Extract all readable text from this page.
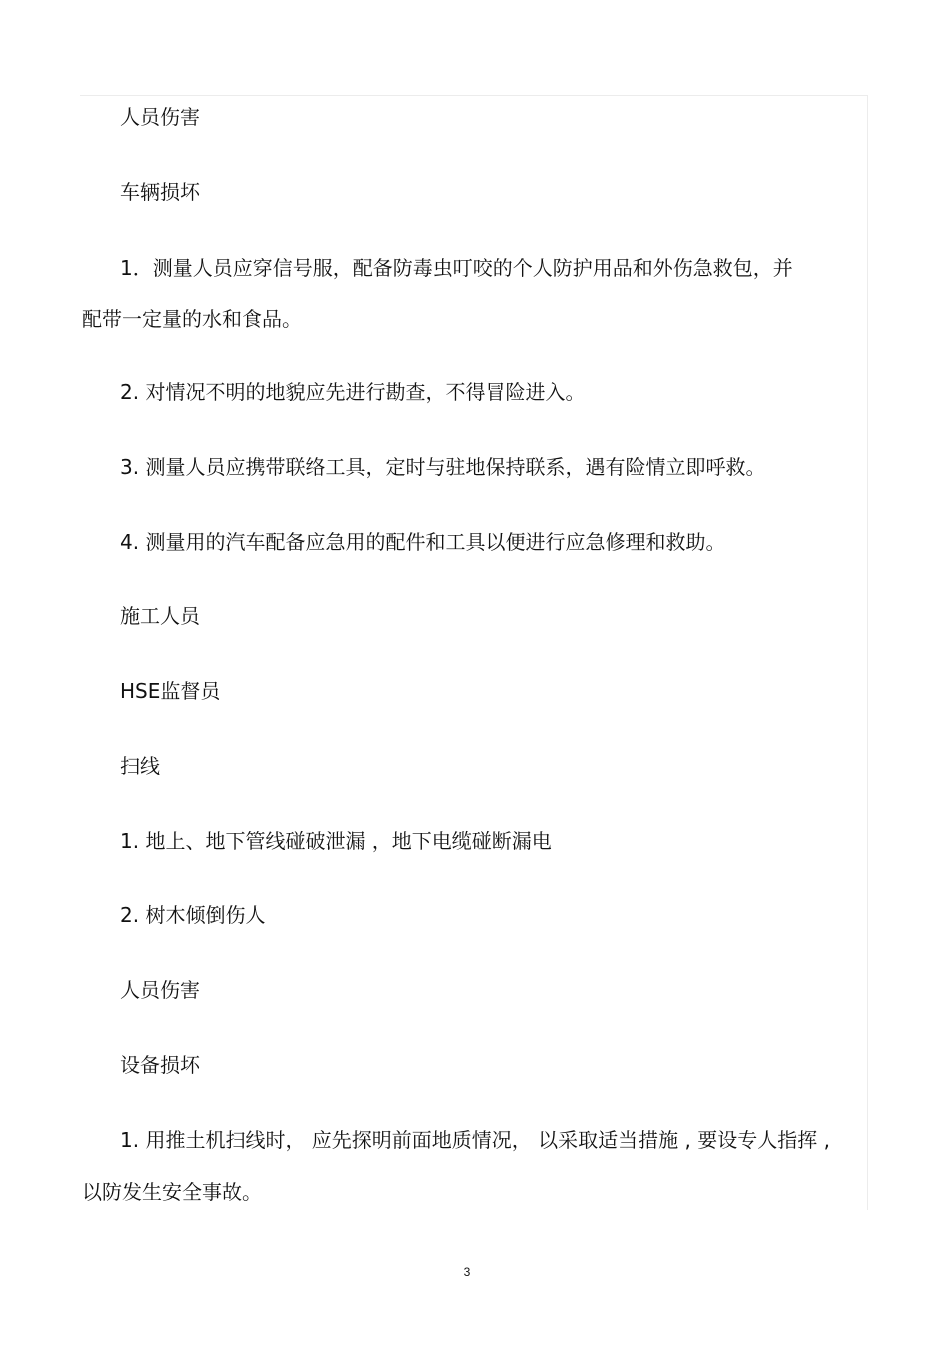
人员伤害
车辆损坏
1．测量人员应穿信号服，配备防毒虫叮咬的个人防护用品和外伤急救包，并
配带一定量的水和食品。
2. 对情况不明的地貌应先进行勘查，不得冒险进入。
3. 测量人员应携带联络工具，定时与驻地保持联系，遇有险情立即呼救。
4. 测量用的汽车配备应急用的配件和工具以便进行应急修理和救助。
施工人员
HSE监督员
扫线
1. 地上、地下管线碰破泄漏 ，地下电缆碰断漏电
2. 树木倾倒伤人
人员伤害
设备损坏
1. 用推土机扫线时， 应先探明前面地质情况， 以采取适当措施 , 要设专人指挥 ,
以防发生安全事故。
3
